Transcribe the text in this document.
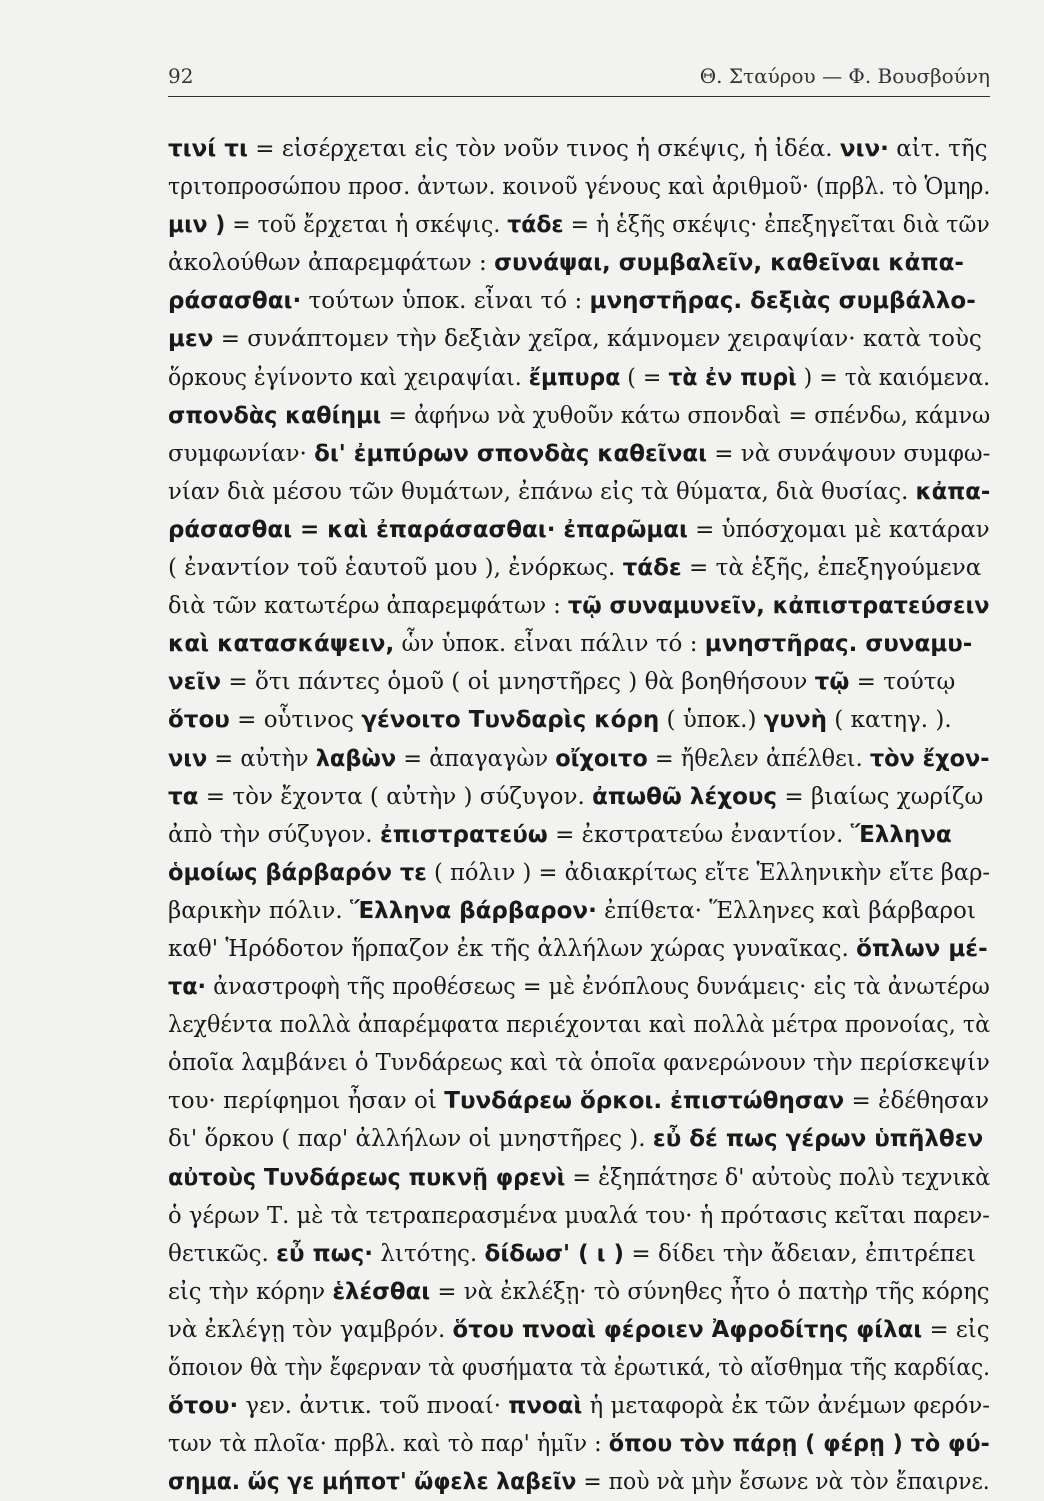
92	Θ. Σταύρου — Φ. Βουσβούνη
τινί τι = εἰσέρχεται εἰς τὸν νοῦν τινος ἡ σκέψις, ἡ ἰδέα. νιν· αἰτ. τῆς
τριτοπροσώπου προσ. ἀντων. κοινοῦ γένους καὶ ἀριθμοῦ· (πρβλ. τὸ Ὁμηρ.
μιν ) = τοῦ ἔρχεται ἡ σκέψις. τάδε = ἡ ἑξῆς σκέψις· ἐπεξηγεῖται διὰ τῶν
ἀκολούθων ἀπαρεμφάτων : συνάψαι, συμβαλεῖν, καθεῖναι κἀπα-
ράσασθαι· τούτων ὑποκ. εἶναι τό : μνηστῆρας. δεξιὰς συμβάλλο-
μεν = συνάπτομεν τὴν δεξιὰν χεῖρα, κάμνομεν χειραψίαν· κατὰ τοὺς
ὅρκους ἐγίνοντο καὶ χειραψίαι. ἔμπυρα ( = τὰ ἐν πυρὶ ) = τὰ καιόμενα.
σπονδὰς καθίημι = ἀφήνω νὰ χυθοῦν κάτω σπονδαὶ = σπένδω, κάμνω
συμφωνίαν· δι' ἐμπύρων σπονδὰς καθεῖναι = νὰ συνάψουν συμφω-
νίαν διὰ μέσου τῶν θυμάτων, ἐπάνω εἰς τὰ θύματα, διὰ θυσίας. κἀπα-
ράσασθαι = καὶ ἐπαράσασθαι· ἐπαρῶμαι = ὑπόσχομαι μὲ κατάραν
( ἐναντίον τοῦ ἑαυτοῦ μου ), ἐνόρκως. τάδε = τὰ ἑξῆς, ἐπεξηγούμενα
διὰ τῶν κατωτέρω ἀπαρεμφάτων : τῷ συναμυνεῖν, κἀπιστρατεύσειν
καὶ κατασκάψειν, ὧν ὑποκ. εἶναι πάλιν τό : μνηστῆρας. συναμυ-
νεῖν = ὅτι πάντες ὁμοῦ ( οἱ μνηστῆρες ) θὰ βοηθήσουν τῷ = τούτῳ
ὅτου = οὗτινος γένοιτο Τυνδαρὶς κόρη ( ὑποκ.) γυνὴ ( κατηγ. ).
νιν = αὐτὴν λαβὼν = ἀπαγαγὼν οἴχοιτο = ἤθελεν ἀπέλθει. τὸν ἔχον-
τα = τὸν ἔχοντα ( αὐτὴν ) σύζυγον. ἀπωθῶ λέχους = βιαίως χωρίζω
ἀπὸ τὴν σύζυγον. ἐπιστρατεύω = ἐκστρατεύω ἐναντίον. Ἕλληνα
ὁμοίως βάρβαρόν τε ( πόλιν ) = ἀδιακρίτως εἴτε Ἑλληνικὴν εἴτε βαρ-
βαρικὴν πόλιν. Ἕλληνα βάρβαρον· ἐπίθετα· Ἕλληνες καὶ βάρβαροι
καθ' Ἡρόδοτον ἥρπαζον ἐκ τῆς ἀλλήλων χώρας γυναῖκας. ὅπλων μέ-
τα· ἀναστροφὴ τῆς προθέσεως = μὲ ἐνόπλους δυνάμεις· εἰς τὰ ἀνωτέρω
λεχθέντα πολλὰ ἀπαρέμφατα περιέχονται καὶ πολλὰ μέτρα προνοίας, τὰ
ὁποῖα λαμβάνει ὁ Τυνδάρεως καὶ τὰ ὁποῖα φανερώνουν τὴν περίσκεψίν
του· περίφημοι ἦσαν οἱ Τυνδάρεω ὅρκοι. ἐπιστώθησαν = ἐδέθησαν
δι' ὅρκου ( παρ' ἀλλήλων οἱ μνηστῆρες ). εὖ δέ πως γέρων ὑπῆλθεν
αὐτοὺς Τυνδάρεως πυκνῇ φρενὶ = ἐξηπάτησε δ' αὐτοὺς πολὺ τεχνικὰ
ὁ γέρων Τ. μὲ τὰ τετραπερασμένα μυαλά του· ἡ πρότασις κεῖται παρεν-
θετικῶς. εὖ πως· λιτότης. δίδωσ' ( ι ) = δίδει τὴν ἄδειαν, ἐπιτρέπει
εἰς τὴν κόρην ἑλέσθαι = νὰ ἐκλέξῃ· τὸ σύνηθες ἦτο ὁ πατὴρ τῆς κόρης
νὰ ἐκλέγῃ τὸν γαμβρόν. ὅτου πνοαὶ φέροιεν Ἀφροδίτης φίλαι = εἰς
ὅποιον θὰ τὴν ἔφερναν τὰ φυσήματα τὰ ἐρωτικά, τὸ αἴσθημα τῆς καρδίας.
ὅτου· γεν. ἀντικ. τοῦ πνοαί· πνοαὶ ἡ μεταφορὰ ἐκ τῶν ἀνέμων φερόν-
των τὰ πλοῖα· πρβλ. καὶ τὸ παρ' ἡμῖν : ὅπου τὸν πάρῃ ( φέρῃ ) τὸ φύ-
σημα. ὥς γε μήποτ' ὤφελε λαβεῖν = ποὺ νὰ μὴν ἔσωνε νὰ τὸν ἔπαιρνε.
